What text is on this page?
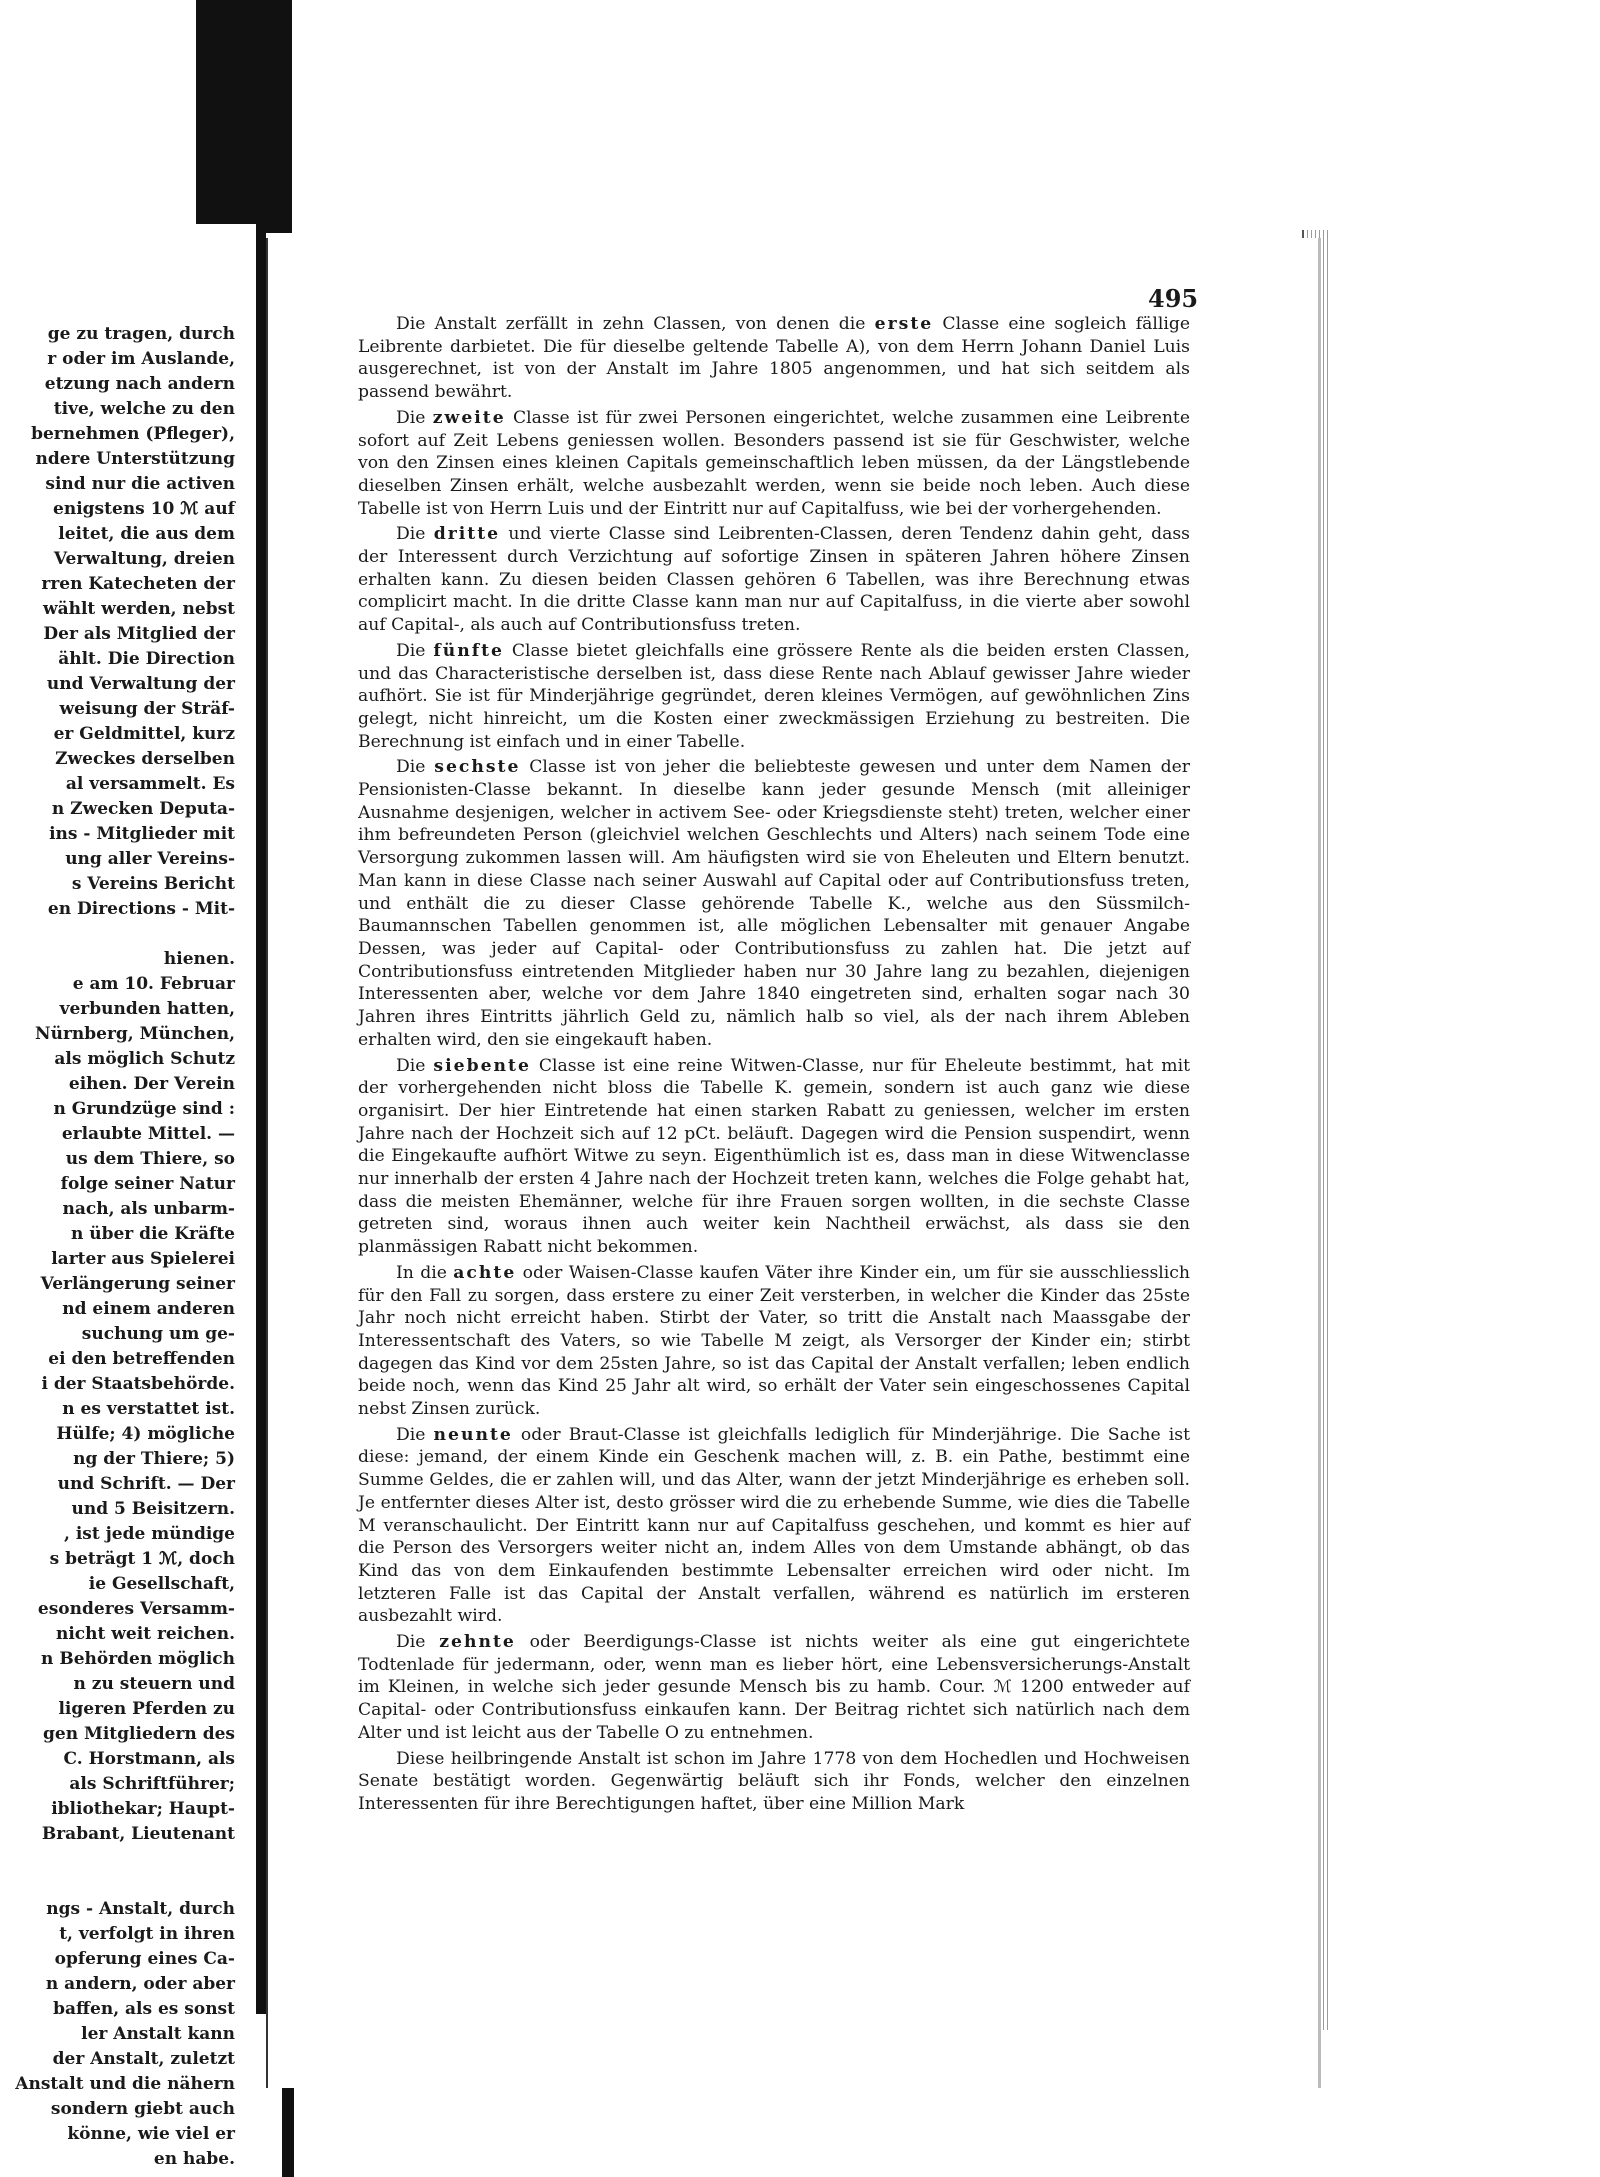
ge zu tragen, durch
r oder im Auslande,
etzung nach andern
tive, welche zu den
bernehmen (Pfleger),
ndere Unterstützung
sind nur die activen
enigstens 10 ℳ auf
leitet, die aus dem
Verwaltung, dreien
rren Katecheten der
wählt werden, nebst
Der als Mitglied der
ählt. Die Direction
und Verwaltung der
weisung der Sträf-
er Geldmittel, kurz
Zweckes derselben
al versammelt. Es
n Zwecken Deputa-
ins - Mitglieder mit
ung aller Vereins-
s Vereins Bericht
en Directions - Mit-
hienen.
e am 10. Februar
verbunden hatten,
Nürnberg, München,
als möglich Schutz
eihen. Der Verein
n Grundzüge sind :
erlaubte Mittel. —
us dem Thiere, so
folge seiner Natur
nach, als unbarm-
n über die Kräfte
larter aus Spielerei
Verlängerung seiner
nd einem anderen
suchung um ge-
ei den betreffenden
i der Staatsbehörde.
n es verstattet ist.
Hülfe; 4) mögliche
ng der Thiere; 5)
und Schrift. — Der
und 5 Beisitzern.
, ist jede mündige
s beträgt 1 ℳ, doch
ie Gesellschaft,
esonderes Versamm-
nicht weit reichen.
n Behörden möglich
n zu steuern und
ligeren Pferden zu
gen Mitgliedern des
C. Horstmann, als
als Schriftführer;
ibliothekar; Haupt-
Brabant, Lieutenant
ngs - Anstalt, durch
t, verfolgt in ihren
opferung eines Ca-
n andern, oder aber
baffen, als es sonst
ler Anstalt kann
der Anstalt, zuletzt
Anstalt und die nähern
sondern giebt auch
könne, wie viel er
en habe.
495

Die Anstalt zerfällt in zehn Classen, von denen die erste Classe eine sogleich fällige Leibrente darbietet. Die für dieselbe geltende Tabelle A), von dem Herrn Johann Daniel Luis ausgerechnet, ist von der Anstalt im Jahre 1805 angenommen, und hat sich seitdem als passend bewährt.

Die zweite Classe ist für zwei Personen eingerichtet, welche zusammen eine Leibrente sofort auf Zeit Lebens geniessen wollen. Besonders passend ist sie für Geschwister, welche von den Zinsen eines kleinen Capitals gemeinschaftlich leben müssen, da der Längstlebende dieselben Zinsen erhält, welche ausbezahlt werden, wenn sie beide noch leben. Auch diese Tabelle ist von Herrn Luis und der Eintritt nur auf Capitalfuss, wie bei der vorhergehenden.

Die dritte und vierte Classe sind Leibrenten-Classen, deren Tendenz dahin geht, dass der Interessent durch Verzichtung auf sofortige Zinsen in späteren Jahren höhere Zinsen erhalten kann. Zu diesen beiden Classen gehören 6 Tabellen, was ihre Berechnung etwas complicirt macht. In die dritte Classe kann man nur auf Capitalfuss, in die vierte aber sowohl auf Capital-, als auch auf Contributionsfuss treten.

Die fünfte Classe bietet gleichfalls eine grössere Rente als die beiden ersten Classen, und das Characteristische derselben ist, dass diese Rente nach Ablauf gewisser Jahre wieder aufhört. Sie ist für Minderjährige gegründet, deren kleines Vermögen, auf gewöhnlichen Zins gelegt, nicht hinreicht, um die Kosten einer zweckmässigen Erziehung zu bestreiten. Die Berechnung ist einfach und in einer Tabelle.

Die sechste Classe ist von jeher die beliebteste gewesen und unter dem Namen der Pensionisten-Classe bekannt. In dieselbe kann jeder gesunde Mensch (mit alleiniger Ausnahme desjenigen, welcher in activem See- oder Kriegsdienste steht) treten, welcher einer ihm befreundeten Person (gleichviel welchen Geschlechts und Alters) nach seinem Tode eine Versorgung zukommen lassen will. Am häufigsten wird sie von Eheleuten und Eltern benutzt. Man kann in diese Classe nach seiner Auswahl auf Capital oder auf Contributionsfuss treten, und enthält die zu dieser Classe gehörende Tabelle K., welche aus den Süssmilch-Baumannschen Tabellen genommen ist, alle möglichen Lebensalter mit genauer Angabe Dessen, was jeder auf Capital- oder Contributionsfuss zu zahlen hat. Die jetzt auf Contributionsfuss eintretenden Mitglieder haben nur 30 Jahre lang zu bezahlen, diejenigen Interessenten aber, welche vor dem Jahre 1840 eingetreten sind, erhalten sogar nach 30 Jahren ihres Eintritts jährlich Geld zu, nämlich halb so viel, als der nach ihrem Ableben erhalten wird, den sie eingekauft haben.

Die siebente Classe ist eine reine Witwen-Classe, nur für Eheleute bestimmt, hat mit der vorhergehenden nicht bloss die Tabelle K. gemein, sondern ist auch ganz wie diese organisirt. Der hier Eintretende hat einen starken Rabatt zu geniessen, welcher im ersten Jahre nach der Hochzeit sich auf 12 pCt. beläuft. Dagegen wird die Pension suspendirt, wenn die Eingekaufte aufhört Witwe zu seyn. Eigenthümlich ist es, dass man in diese Witwenclasse nur innerhalb der ersten 4 Jahre nach der Hochzeit treten kann, welches die Folge gehabt hat, dass die meisten Ehemänner, welche für ihre Frauen sorgen wollten, in die sechste Classe getreten sind, woraus ihnen auch weiter kein Nachtheil erwächst, als dass sie den planmässigen Rabatt nicht bekommen.

In die achte oder Waisen-Classe kaufen Väter ihre Kinder ein, um für sie ausschliesslich für den Fall zu sorgen, dass erstere zu einer Zeit versterben, in welcher die Kinder das 25ste Jahr noch nicht erreicht haben. Stirbt der Vater, so tritt die Anstalt nach Maassgabe der Interessentschaft des Vaters, so wie Tabelle M zeigt, als Versorger der Kinder ein; stirbt dagegen das Kind vor dem 25sten Jahre, so ist das Capital der Anstalt verfallen; leben endlich beide noch, wenn das Kind 25 Jahr alt wird, so erhält der Vater sein eingeschossenes Capital nebst Zinsen zurück.

Die neunte oder Braut-Classe ist gleichfalls lediglich für Minderjährige. Die Sache ist diese: jemand, der einem Kinde ein Geschenk machen will, z. B. ein Pathe, bestimmt eine Summe Geldes, die er zahlen will, und das Alter, wann der jetzt Minderjährige es erheben soll. Je entfernter dieses Alter ist, desto grösser wird die zu erhebende Summe, wie dies die Tabelle M veranschaulicht. Der Eintritt kann nur auf Capitalfuss geschehen, und kommt es hier auf die Person des Versorgers weiter nicht an, indem Alles von dem Umstande abhängt, ob das Kind das von dem Einkaufenden bestimmte Lebensalter erreichen wird oder nicht. Im letzteren Falle ist das Capital der Anstalt verfallen, während es natürlich im ersteren ausbezahlt wird.

Die zehnte oder Beerdigungs-Classe ist nichts weiter als eine gut eingerichtete Todtenlade für jedermann, oder, wenn man es lieber hört, eine Lebensversicherungs-Anstalt im Kleinen, in welche sich jeder gesunde Mensch bis zu hamb. Cour. ℳ 1200 entweder auf Capital- oder Contributionsfuss einkaufen kann. Der Beitrag richtet sich natürlich nach dem Alter und ist leicht aus der Tabelle O zu entnehmen.

Diese heilbringende Anstalt ist schon im Jahre 1778 von dem Hochedlen und Hochweisen Senate bestätigt worden. Gegenwärtig beläuft sich ihr Fonds, welcher den einzelnen Interessenten für ihre Berechtigungen haftet, über eine Million Mark
